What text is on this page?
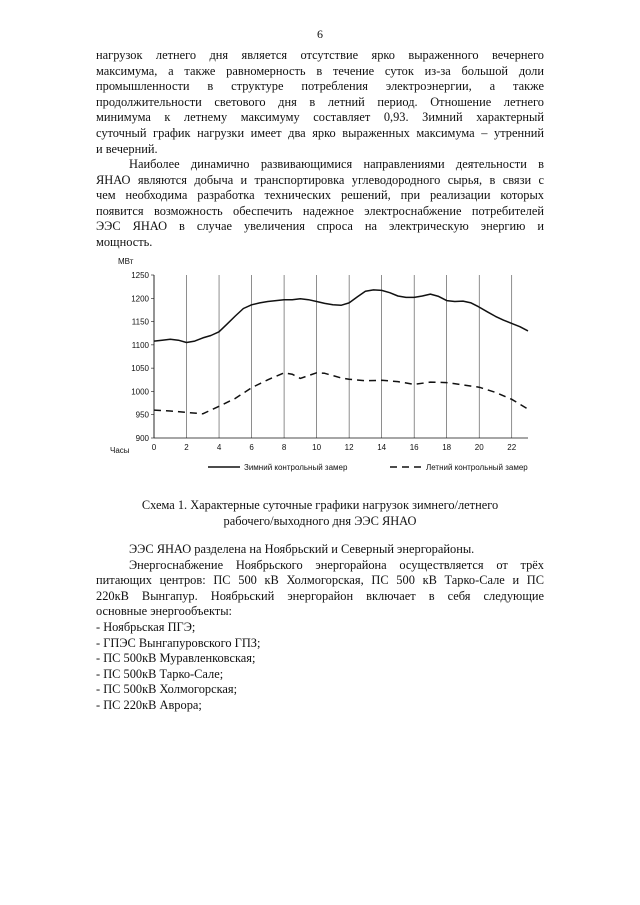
6
нагрузок летнего дня является отсутствие ярко выраженного вечернего
максимума, а также равномерность в течение суток из-за большой доли
промышленности в структуре потребления электроэнергии, а также
продолжительности светового дня в летний период. Отношение летнего
минимума к летнему максимуму составляет 0,93. Зимний характерный
суточный график нагрузки имеет два ярко выраженных максимума – утренний
и вечерний.
Наиболее динамично развивающимися направлениями деятельности в
ЯНАО являются добыча и транспортировка углеводородного сырья, в связи с
чем необходима разработка технических решений, при реализации которых
появится возможность обеспечить надежное электроснабжение потребителей
ЭЭС ЯНАО в случае увеличения спроса на электрическую энергию и
мощность.
МВт
Часы
900
950
1000
1050
1100
1150
1200
1250
0	2	4	6	8	10	12	14	16	18	20	22
Зимний контрольный замер	Летний контрольный замер
Схема 1. Характерные суточные графики нагрузок зимнего/летнего
рабочего/выходного дня ЭЭС ЯНАО
ЭЭС ЯНАО разделена на Ноябрьский и Северный энергорайоны.
Энергоснабжение Ноябрьского энергорайона осуществляется от трёх
питающих центров: ПС 500 кВ Холмогорская, ПС 500 кВ Тарко-Сале и ПС
220кВ Вынгапур. Ноябрьский энергорайон включает в себя следующие
основные энергообъекты:
- Ноябрьская ПГЭ;
- ГПЭС Вынгапуровского ГПЗ;
- ПС 500кВ Муравленковская;
- ПС 500кВ Тарко-Сале;
- ПС 500кВ Холмогорская;
- ПС 220кВ Аврора;
